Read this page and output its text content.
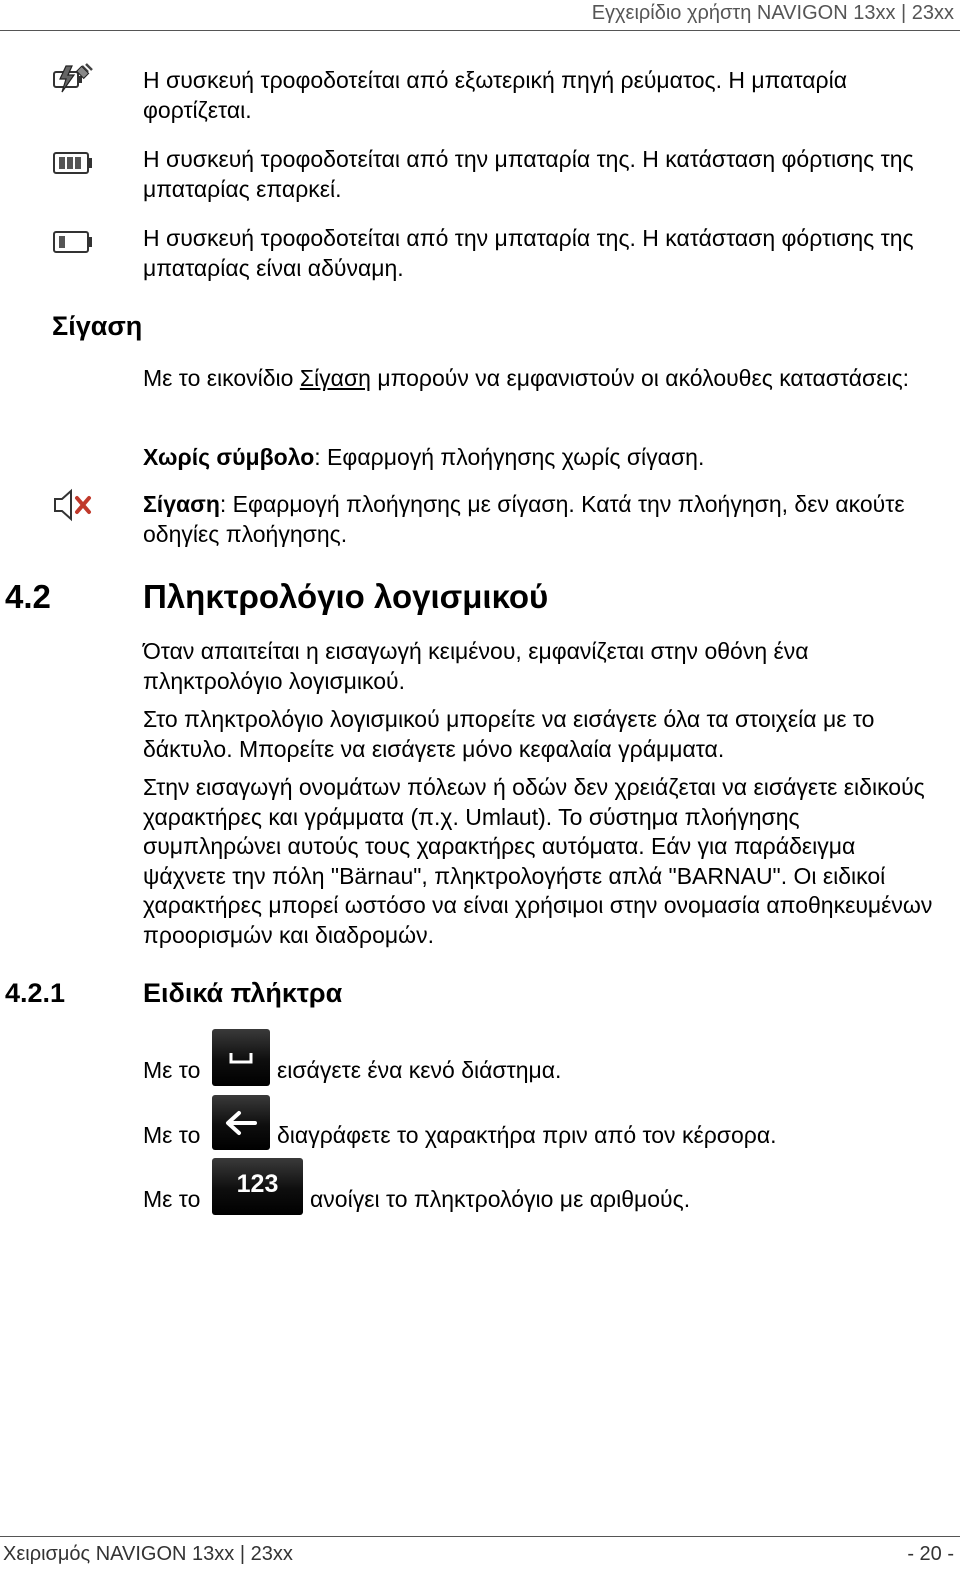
Εγχειρίδιο χρήστη NAVIGON 13xx | 23xx
Η συσκευή τροφοδοτείται από εξωτερική πηγή ρεύματος. Η μπαταρία φορτίζεται.
Η συσκευή τροφοδοτείται από την μπαταρία της. Η κατάσταση φόρτισης της μπαταρίας επαρκεί.
Η συσκευή τροφοδοτείται από την μπαταρία της. Η κατάσταση φόρτισης της μπαταρίας είναι αδύναμη.
Σίγαση
Με το εικονίδιο Σίγαση μπορούν να εμφανιστούν οι ακόλουθες καταστάσεις:
Χωρίς σύμβολο: Εφαρμογή πλοήγησης χωρίς σίγαση.
Σίγαση: Εφαρμογή πλοήγησης με σίγαση. Κατά την πλοήγηση, δεν ακούτε οδηγίες πλοήγησης.
4.2	Πληκτρολόγιο λογισμικού
Όταν απαιτείται η εισαγωγή κειμένου, εμφανίζεται στην οθόνη ένα πληκτρολόγιο λογισμικού.
Στο πληκτρολόγιο λογισμικού μπορείτε να εισάγετε όλα τα στοιχεία με το δάκτυλο. Μπορείτε να εισάγετε μόνο κεφαλαία γράμματα.
Στην εισαγωγή ονομάτων πόλεων ή οδών δεν χρειάζεται να εισάγετε ειδικούς χαρακτήρες και γράμματα (π.χ. Umlaut). Το σύστημα πλοήγησης συμπληρώνει αυτούς τους χαρακτήρες αυτόματα. Εάν για παράδειγμα ψάχνετε την πόλη "Bärnau", πληκτρολογήστε απλά "BARNAU". Οι ειδικοί χαρακτήρες μπορεί ωστόσο να είναι χρήσιμοι στην ονομασία αποθηκευμένων προορισμών και διαδρομών.
4.2.1	Ειδικά πλήκτρα
Με το	εισάγετε ένα κενό διάστημα.
Με το	διαγράφετε το χαρακτήρα πριν από τον κέρσορα.
Με το
123
ανοίγει το πληκτρολόγιο με αριθμούς.
Χειρισμός NAVIGON 13xx | 23xx	- 20 -
